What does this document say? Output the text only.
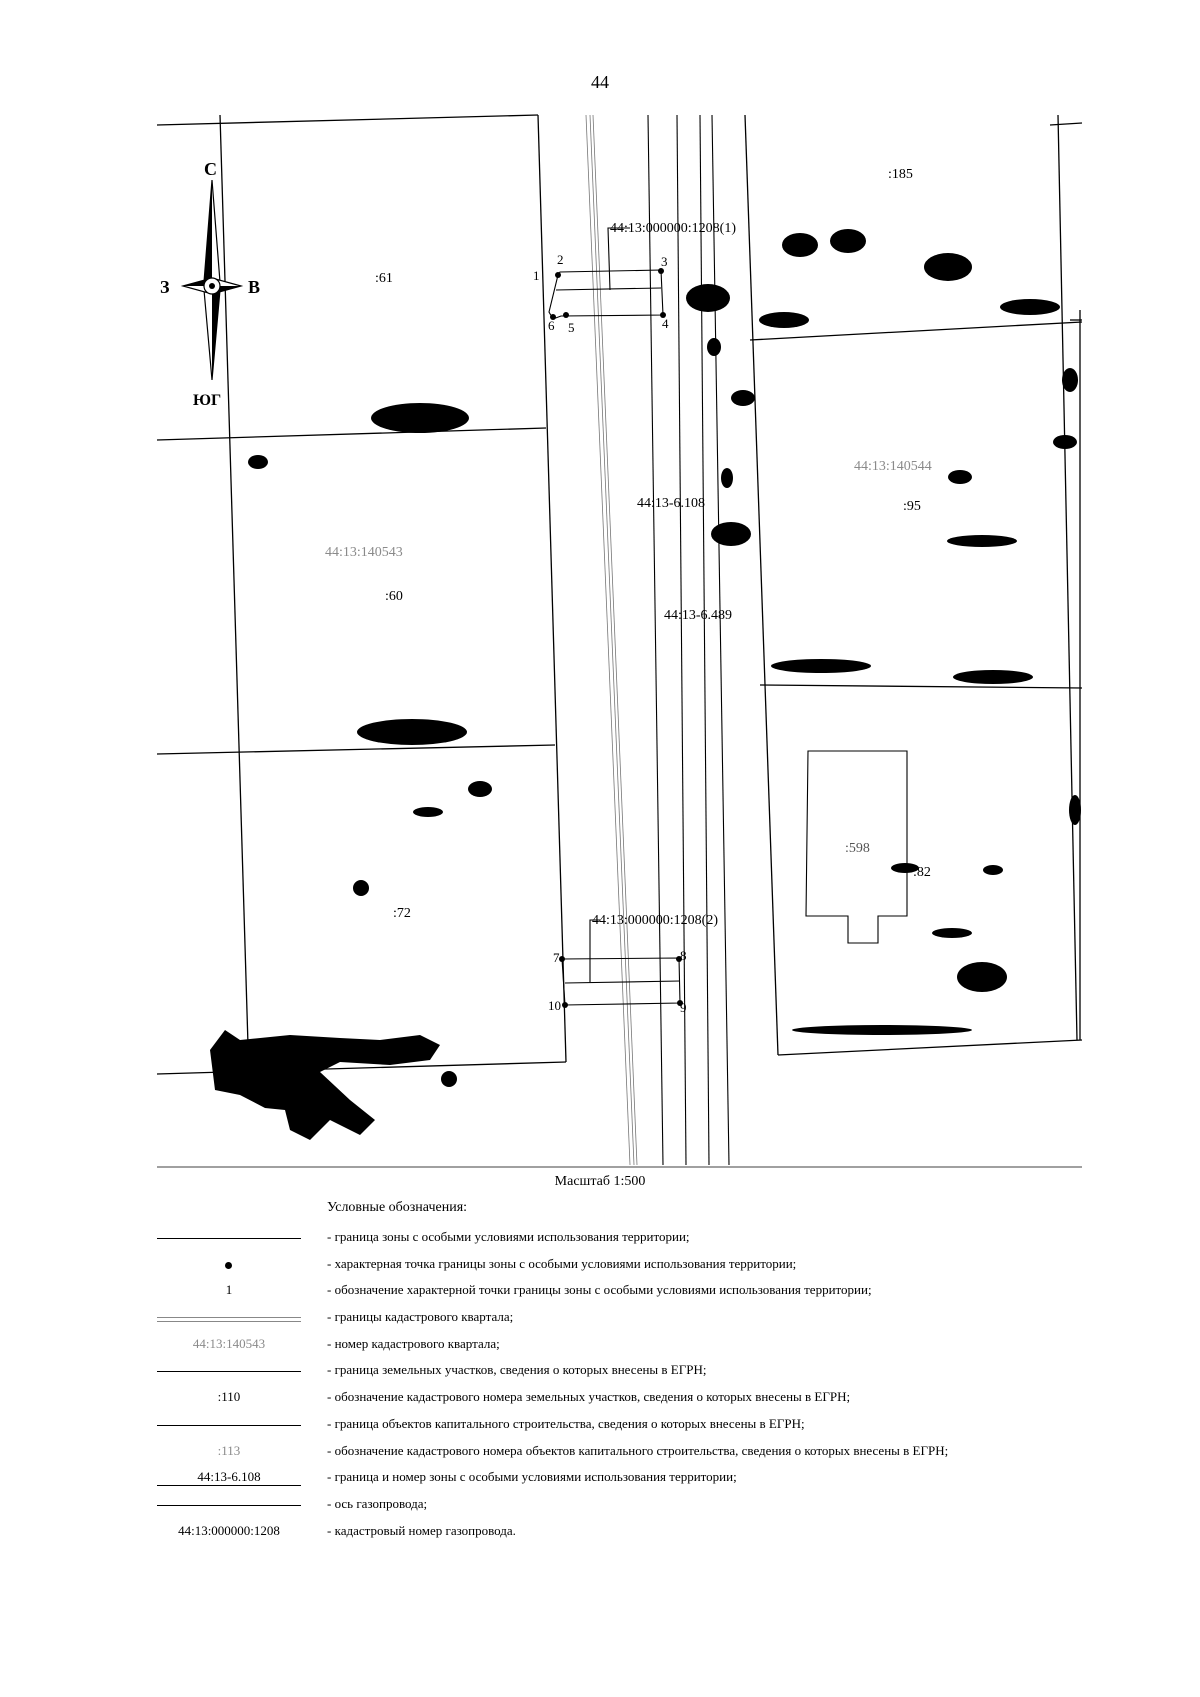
44
1
2	3
4
5
6
7	8
9
10
С
ЮГ
З	В	:61
:60
:72
:95
:82
:185
:598
44:13:140543
44:13:140544
44:13-6.108
44:13-6.489
44:13:000000:1208(1)
44:13:000000:1208(2)
Масштаб 1:500
Условные обозначения:
- граница зоны с особыми условиями использования территории;
- характерная точка границы зоны с особыми условиями использования территории;
1	- обозначение характерной точки границы зоны с особыми условиями использования территории;
- границы кадастрового квартала;
44:13:140543	- номер кадастрового квартала;
- граница земельных участков, сведения о которых внесены в ЕГРН;
:110	- обозначение кадастрового номера земельных участков, сведения о которых внесены в ЕГРН;
- граница объектов капитального строительства, сведения о которых внесены в ЕГРН;
:113	- обозначение кадастрового номера объектов капитального строительства, сведения о которых внесены в ЕГРН;
44:13-6.108	- граница и номер зоны с особыми условиями использования территории;
- ось газопровода;
44:13:000000:1208	- кадастровый номер газопровода.
